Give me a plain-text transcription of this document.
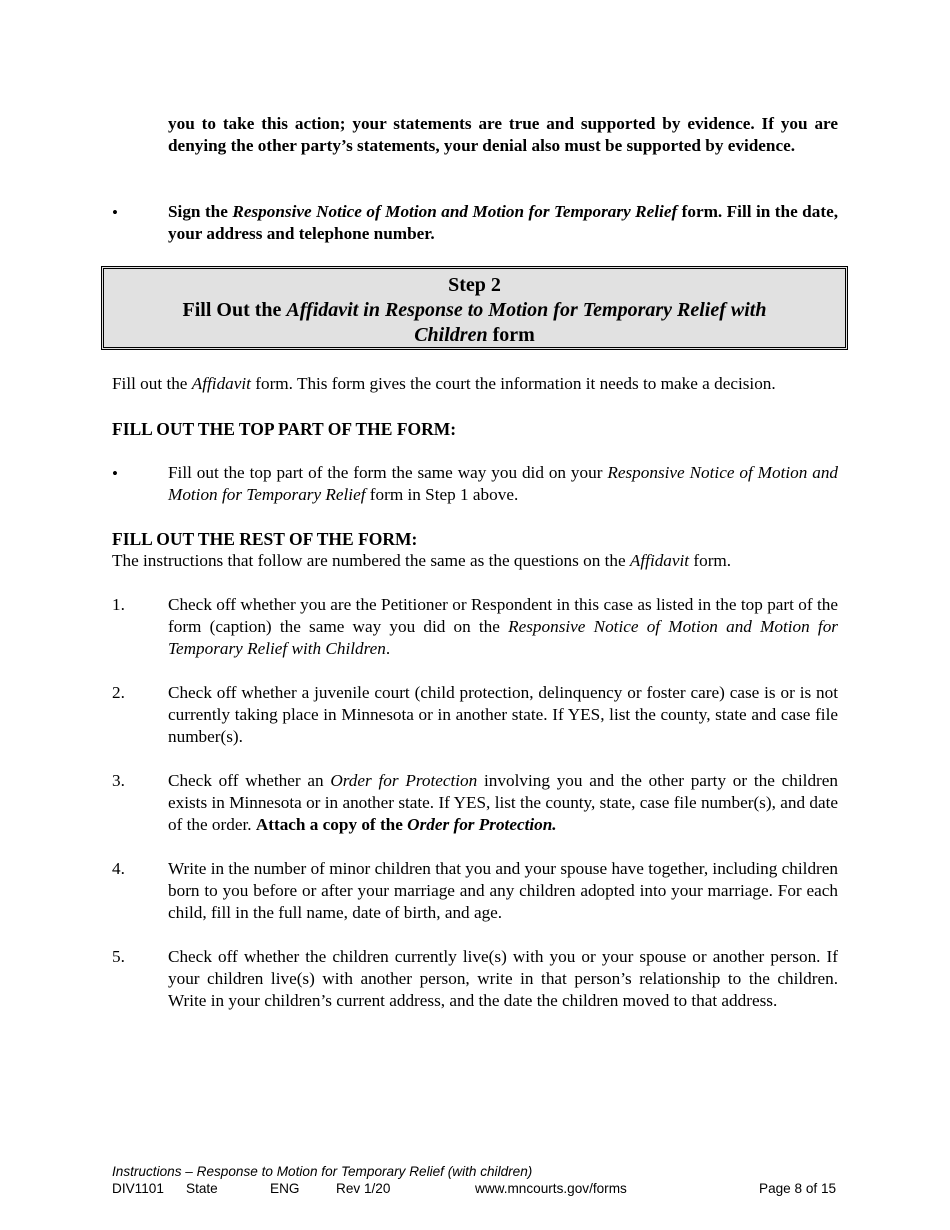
you to take this action; your statements are true and supported by evidence. If you are denying the other party’s statements, your denial also must be supported by evidence.
•	Sign the Responsive Notice of Motion and Motion for Temporary Relief form. Fill in the date, your address and telephone number.
Step 2
Fill Out the Affidavit in Response to Motion for Temporary Relief with Children form
Fill out the Affidavit form. This form gives the court the information it needs to make a decision.
FILL OUT THE TOP PART OF THE FORM:
•	Fill out the top part of the form the same way you did on your Responsive Notice of Motion and Motion for Temporary Relief form in Step 1 above.
FILL OUT THE REST OF THE FORM:
The instructions that follow are numbered the same as the questions on the Affidavit form.
1.	Check off whether you are the Petitioner or Respondent in this case as listed in the top part of the form (caption) the same way you did on the Responsive Notice of Motion and Motion for Temporary Relief with Children.
2.	Check off whether a juvenile court (child protection, delinquency or foster care) case is or is not currently taking place in Minnesota or in another state. If YES, list the county, state and case file number(s).
3.	Check off whether an Order for Protection involving you and the other party or the children exists in Minnesota or in another state. If YES, list the county, state, case file number(s), and date of the order. Attach a copy of the Order for Protection.
4.	Write in the number of minor children that you and your spouse have together, including children born to you before or after your marriage and any children adopted into your marriage. For each child, fill in the full name, date of birth, and age.
5.	Check off whether the children currently live(s) with you or your spouse or another person. If your children live(s) with another person, write in that person’s relationship to the children. Write in your children’s current address, and the date the children moved to that address.
Instructions – Response to Motion for Temporary Relief (with children)
DIV1101 State	ENG	Rev 1/20	www.mncourts.gov/forms	Page 8 of 15
